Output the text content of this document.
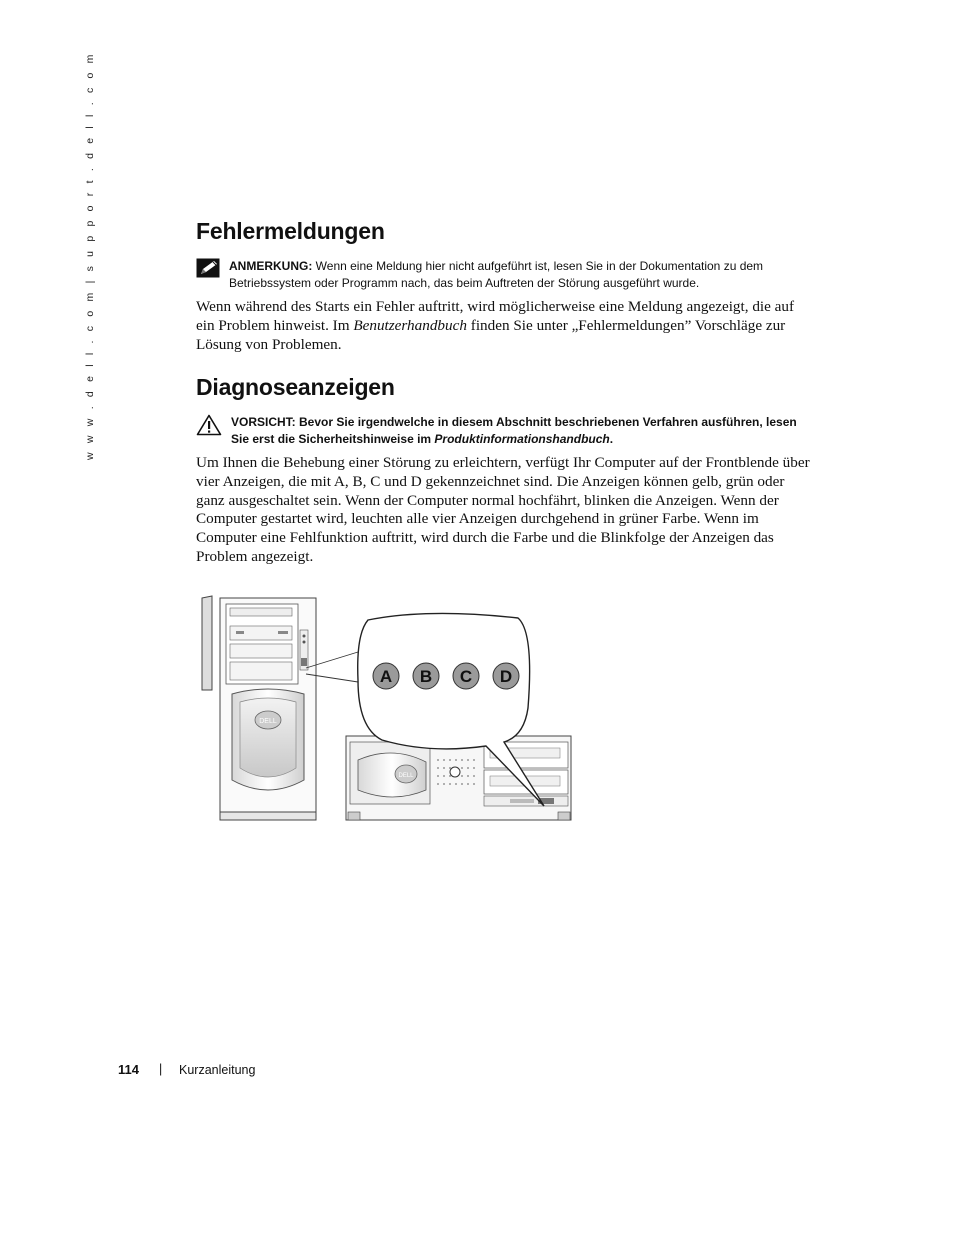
w w w . d e l l . c o m | s u p p o r t . d e l l . c o m	Fehlermeldungen
ANMERKUNG: Wenn eine Meldung hier nicht aufgeführt ist, lesen Sie in der Dokumentation zu dem Betriebssystem oder Programm nach, das beim Auftreten der Störung ausgeführt wurde.

Wenn während des Starts ein Fehler auftritt, wird möglicherweise eine Meldung angezeigt, die auf ein Problem hinweist. Im Benutzerhandbuch finden Sie unter „Fehlermeldungen” Vorschläge zur Lösung von Problemen.

Diagnoseanzeigen
VORSICHT: Bevor Sie irgendwelche in diesem Abschnitt beschriebenen Verfahren ausführen, lesen Sie erst die Sicherheitshinweise im Produktinformationshandbuch.

Um Ihnen die Behebung einer Störung zu erleichtern, verfügt Ihr Computer auf der Frontblende über vier Anzeigen, die mit A, B, C und D gekennzeichnet sind. Die Anzeigen können gelb, grün oder ganz ausgeschaltet sein. Wenn der Computer normal hochfährt, blinken die Anzeigen. Wenn der Computer gestartet wird, leuchten alle vier Anzeigen durchgehend in grüner Farbe. Wenn im Computer eine Fehlfunktion auftritt, wird durch die Farbe und die Blinkfolge der Anzeigen das Problem angezeigt.

DELL
DELL
A B C D
114 | Kurzanleitung
